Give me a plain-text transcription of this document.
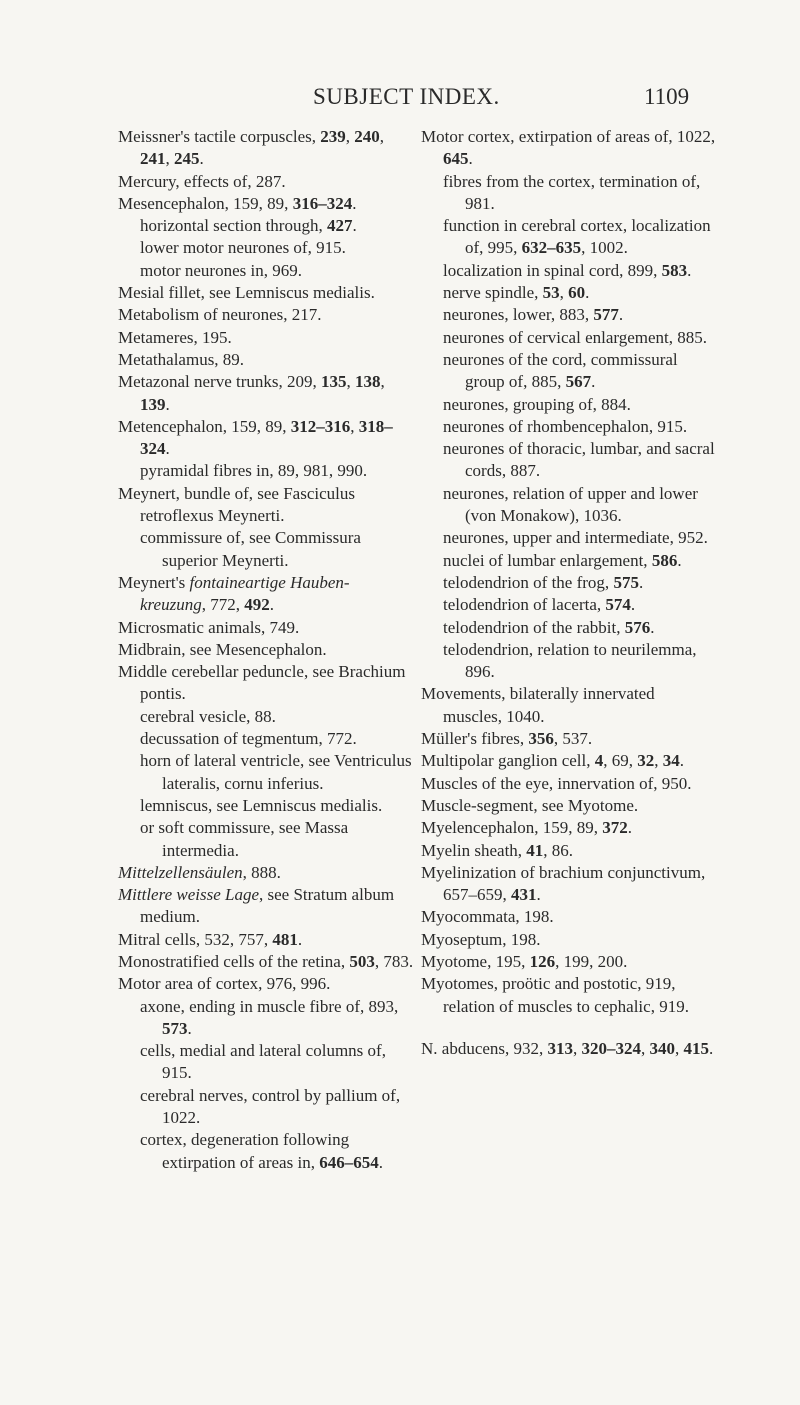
SUBJECT INDEX.	1109

Meissner's tactile corpuscles, 239, 240, 241, 245.

Mercury, effects of, 287.

Mesencephalon, 159, 89, 316–324.

horizontal section through, 427.

lower motor neurones of, 915.

motor neurones in, 969.

Mesial fillet, see Lemniscus medialis.

Metabolism of neurones, 217.

Metameres, 195.

Metathalamus, 89.

Metazonal nerve trunks, 209, 135, 138, 139.

Metencephalon, 159, 89, 312–316, 318–324.

pyramidal fibres in, 89, 981, 990.

Meynert, bundle of, see Fasciculus retroflexus Meynerti.

commissure of, see Commissura superior Meynerti.

Meynert's fontaineartige Hauben-kreuzung, 772, 492.

Microsmatic animals, 749.

Midbrain, see Mesencephalon.

Middle cerebellar peduncle, see Brachium pontis.

cerebral vesicle, 88.

decussation of tegmentum, 772.

horn of lateral ventricle, see Ventriculus lateralis, cornu inferius.

lemniscus, see Lemniscus medialis.

or soft commissure, see Massa intermedia.

Mittelzellensäulen, 888.

Mittlere weisse Lage, see Stratum album medium.

Mitral cells, 532, 757, 481.

Monostratified cells of the retina, 503, 783.

Motor area of cortex, 976, 996.

axone, ending in muscle fibre of, 893, 573.

cells, medial and lateral columns of, 915.

cerebral nerves, control by pallium of, 1022.

cortex, degeneration following extirpation of areas in, 646–654.

Motor cortex, extirpation of areas of, 1022, 645.

fibres from the cortex, termination of, 981.

function in cerebral cortex, localization of, 995, 632–635, 1002.

localization in spinal cord, 899, 583.

nerve spindle, 53, 60.

neurones, lower, 883, 577.

neurones of cervical enlargement, 885.

neurones of the cord, commissural group of, 885, 567.

neurones, grouping of, 884.

neurones of rhombencephalon, 915.

neurones of thoracic, lumbar, and sacral cords, 887.

neurones, relation of upper and lower (von Monakow), 1036.

neurones, upper and intermediate, 952.

nuclei of lumbar enlargement, 586.

telodendrion of the frog, 575.

telodendrion of lacerta, 574.

telodendrion of the rabbit, 576.

telodendrion, relation to neurilemma, 896.

Movements, bilaterally innervated muscles, 1040.

Müller's fibres, 356, 537.

Multipolar ganglion cell, 4, 69, 32, 34.

Muscles of the eye, innervation of, 950.

Muscle-segment, see Myotome.

Myelencephalon, 159, 89, 372.

Myelin sheath, 41, 86.

Myelinization of brachium conjunctivum, 657–659, 431.

Myocommata, 198.

Myoseptum, 198.

Myotome, 195, 126, 199, 200.

Myotomes, proötic and postotic, 919, relation of muscles to cephalic, 919.

N. abducens, 932, 313, 320–324, 340, 415.
